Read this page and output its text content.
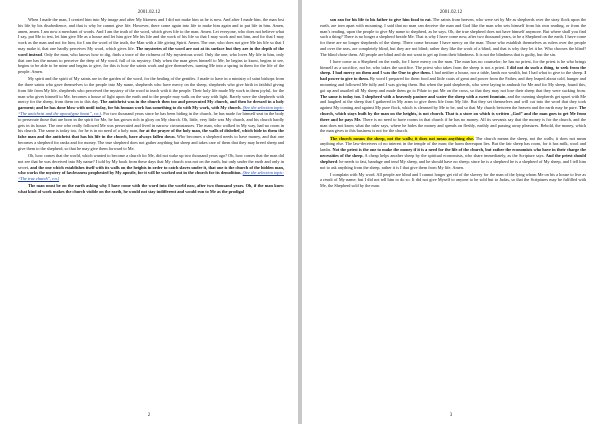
2001.02.12

When I made the man, I created him into My image and after My likeness and I did not make him as he is now. And after I made him, the man lost his life by his disobedience, and that is why he cannot give life. However, there come again into life to make him again and to put life in him. Amen, amen, amen. I am now a merchant of words. And I am the truth of the word, which gives life to the man. Amen. Let everyone, who does not believe what I say, put Me to test, let him give Me as a house and let him give Me his life and the work of his life so that I may work and not him, and for that I may work as the man and not for him, for I am the word of the truth, the Man with a life giving Spirit. Amen. The one, who does not give Me his life so that I may make it, that one hardly perceives My word, which gives life. The mysteries of the word are not at its surface but they are in the depth of the word instead. Only the man, who knows how to dig, finds a trace of the richness of My mysterious word. Only the one, who loves My life in him, only that one has the means to perceive the deep of My word, full of its mystery. Only when the man gives himself to Me, he begins to know, begins to see, begins to be able to be mine and begins to give, for this is how the saints work and give themselves, turning Me into a spring in them for the life of the people. Amen.

My spirit and the spirit of My saints are in the garden of the word, for the healing of the gentiles. I made to have in a ministry of saint bishops from the three saints who gave themselves to the people into My name, shepherds who have mercy on the sheep, shepherds who give birth in faithful giving from life from My life, shepherds who perceived the mystery of the word to teach with it the people. Their holy life made My work in them joyful, for the man who gives himself to Me, becomes a house of light upon the earth and to the people may walk on the way with light. Rarely were the shepherds with mercy for the sheep, from them on to this day. The antichrist was in the church then too and persecuted My church, and then he dressed in a holy garment; and he has done blow with until today, for his human work has something to do with My work, with My church. (See the selection topic: “The antichrist and the apocalypse beast”, r.n.). For two thousand years since he has been hiding in the church, he has made for himself seat in the body to persecute those that are born in the spirit for Me, he has grown rich in glory on My church. Oh, little, very little was My church, and his church hardly gets in its house. The one who really followed Me was persecuted and lived in narrow circumstances. The man, who walked in My way, had no room in his church. The same is today too, for he is in no need of a holy man, for at the prayer of the holy man, the walls of disbelief, which hide in them the false man and the antichrist that has his life in the church, have always fallen down. Who becomes a shepherd needs to have money, and that one becomes a shepherd for ranks and for money. The true shepherd does not gather anything but sheep and takes care of them that they may breed sheep and give them to the shepherd, so that he may give them forward to Me.

Oh, how comes that the world, which wanted to become a church for Me, did not wake up two thousand years ago? Oh, how comes that the man did not see that he was deceived into My name? I told by My book from these days that My church was not on the earth, but only under the earth and only in secret, and the one which establishes itself with its walls on the heights in order to catch slaves under it, that one is the church of the hidden man, who works the mystery of lawlessness prophesied by My apostle, for it will be worked out in the church for its demolition. (See the selection topic: “The true church”, r.n.)

The man must be on the earth asking why I have come with the word into the world now, after two thousand years. Oh, if the man knew what kind of work makes the church visible on the earth, he would not stay indifferent and would run to Me as the prodigal

2
2001.02.12

son ran for his life to his father to give him food to eat. The saints from heaven, who were set by Me as shepherds over the stray flock upon the earth, are torn apart with mourning. I said that no man can deceive the man and God like the man who sets himself from his own reading, or from the man’s reading, upon the people to give My name to shepherd, as he says. Oh, the true shepherd does not have himself anymore. But where shall you find such a thing? There is no longer a shepherd beside Me. That is why I have come now, after two thousand years, to be a Shepherd on the earth. I have come for there are no longer shepherds of the sheep. There come because I have mercy on the man. Those who establish themselves as rulers over the people and over the seas, are completely blind, but they are not blind; rather they like the work of a blind, and that is why they let it be. Who chooses the blind? The blind chose them. All people are blind and do not want to get up from their blindness. It is not the blindness that is guilty, but the sin.

I have come as a Shepherd on the earth, for I have mercy on the man. The man has no counselor; he has no priest, for the priest is he who brings himself as a sacrifice, not he, who takes the sacrifice. The priest who takes from the sheep is not a priest. I did not do such a thing, to seek from the sheep. I had mercy on them and I was the One to give them. I had neither a house, nor a table, lands nor wealth, but I had what to give to the sheep. I had power to give to them. By word I prepared for them food and little coats of great and power from the Father, and they leaped about cold, hunger and mourning and followed Me fully and I was giving them. But when the paid shepherds, who were laying in ambush for Me and for My sheep, found this, got up and assailed all My sheep and made them go to Pilate to put Me on the cross, so that they may not lose their sheep that they were sucking from. The same is today too. I shepherd with a heavenly pasture and water the sheep with a sweet fountain, and the cunning shepherds get upset with Me and laughed at the sheep that I gathered in My arms to give them life from My life. But they set themselves and will cut into the word that they took against My coming and against My pure flock, which is cleansed by Me to be, and so that My church between the heaven and the earth may be pure. The church, which stays built by the man on the heights, is not church. That is a store on which is written „God” and the man goes to get Me from there and he pays Me. There is no need to have rooms in that church if he has no money. All its servants say that the money is for the church, and the man does not know what the ruler says, where he hides the money and spends on fleshly, earthly and passing away pleasures. Behold, the money, which the man gives to this business is not for the church.

The church means the sheep, not the walls; it does not mean anything else. The church means the sheep, not the walls; it does not mean anything else. The law-deceivers of no interest in the temple of the man; the harm thereupon lies. But the fair sheep has room, for it has milk, wool and lambs. Not the priest is the one to make the money if it is a need for the life of the church, but rather the economists who have in their charge the necessities of the sheep. A cheap helps another sheep by the spiritual economists, who share immediately, as the Scripture says. And the priest should shepherd: he needs to fast, bandage and tend My sheep, and he should have no sheep; since he is a shepherd he is a shepherd of My sheep, and I tell him not to ask anything from the sheep, rather it is I that give them from My life. Amen.

I complain with My word. All people are blind and I cannot longer get rid of the slavery for the man of the lying whom Me on his a house to live as a result of My name; but I did not tell him to do so. It did not give Myself to anyone to be sold but to Judas, so that the Scriptures may be fulfilled with Me, the Shepherd sold by the man.

3
